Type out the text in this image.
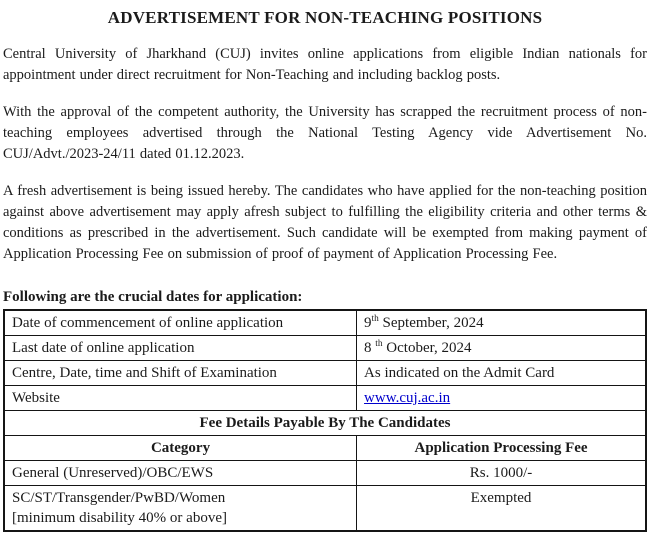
ADVERTISEMENT FOR NON-TEACHING POSITIONS

Central University of Jharkhand (CUJ) invites online applications from eligible Indian nationals for appointment under direct recruitment for Non-Teaching and including backlog posts.

With the approval of the competent authority, the University has scrapped the recruitment process of non-teaching employees advertised through the National Testing Agency vide Advertisement No. CUJ/Advt./2023-24/11 dated 01.12.2023.

A fresh advertisement is being issued hereby. The candidates who have applied for the non-teaching position against above advertisement may apply afresh subject to fulfilling the eligibility criteria and other terms & conditions as prescribed in the advertisement. Such candidate will be exempted from making payment of Application Processing Fee on submission of proof of payment of Application Processing Fee.

Following are the crucial dates for application:
Date of commencement of online application	9th September, 2024
Last date of online application	8 $^{th}$ October, 2024
Centre, Date, time and Shift of Examination	As indicated on the Admit Card
Website	www.cuj.ac.in
Fee Details Payable By The Candidates	
Category	Application Processing Fee
General (Unreserved)/OBC/EWS	Rs. 1000/-
SC/ST/Transgender/PwBD/Women
[minimum disability 40% or above]	Exempted
